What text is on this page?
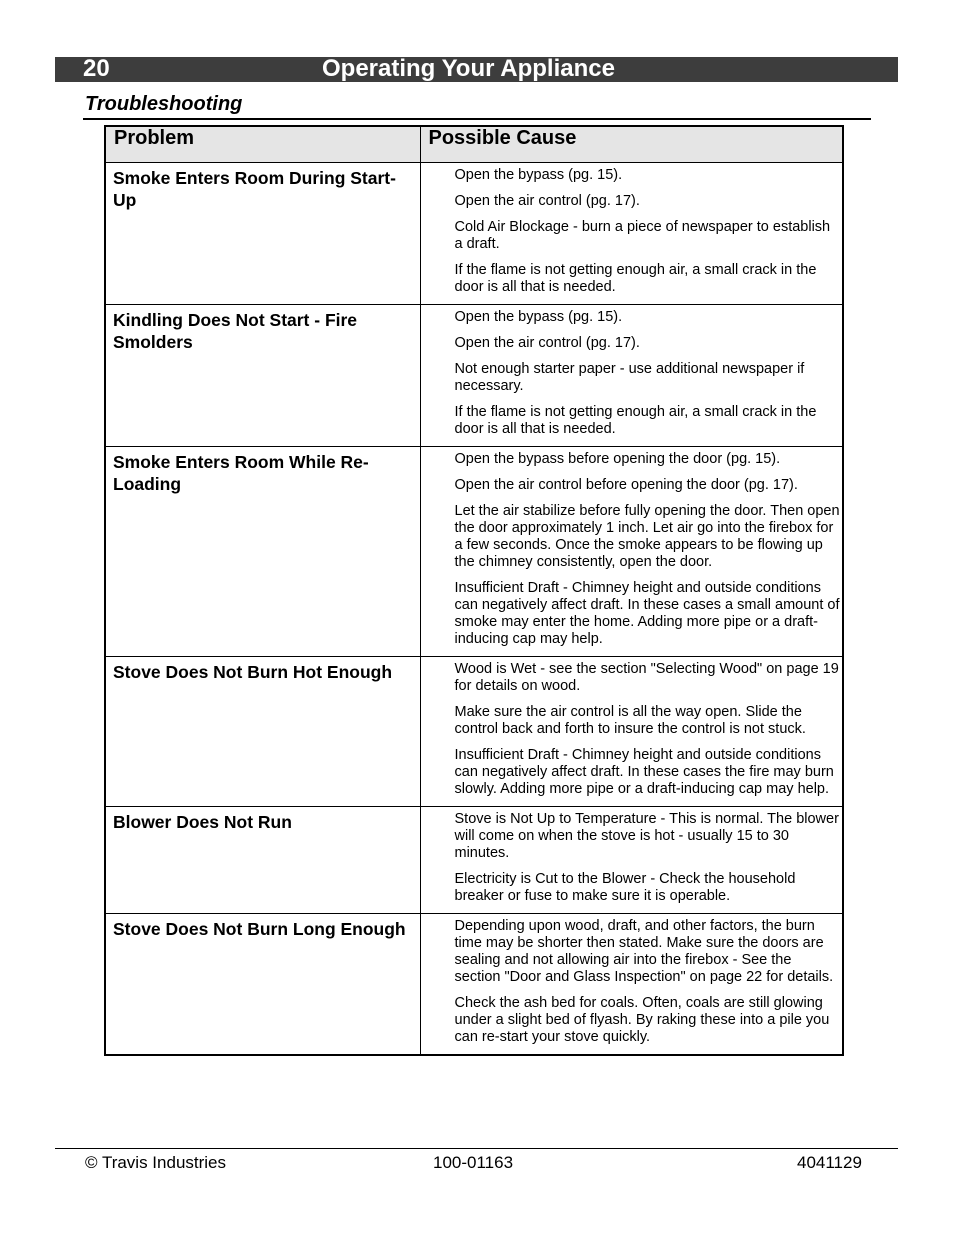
20	Operating Your Appliance
Troubleshooting
Problem	Possible Cause
Smoke Enters Room During Start-Up	Open the bypass (pg. 15).
Open the air control (pg. 17).
Cold Air Blockage - burn a piece of newspaper to establish a draft.
If the flame is not getting enough air, a small crack in the door is all that is needed.

Kindling Does Not Start - Fire Smolders	Open the bypass (pg. 15).
Open the air control (pg. 17).
Not enough starter paper - use additional newspaper if necessary.
If the flame is not getting enough air, a small crack in the door is all that is needed.

Smoke Enters Room While Re-Loading	Open the bypass before opening the door (pg. 15).
Open the air control before opening the door (pg. 17).
Let the air stabilize before fully opening the door. Then open the door approximately 1 inch. Let air go into the firebox for a few seconds. Once the smoke appears to be flowing up the chimney consistently, open the door.
Insufficient Draft - Chimney height and outside conditions can negatively affect draft. In these cases a small amount of smoke may enter the home. Adding more pipe or a draft-inducing cap may help.

Stove Does Not Burn Hot Enough	Wood is Wet - see the section "Selecting Wood" on page 19 for details on wood.
Make sure the air control is all the way open. Slide the control back and forth to insure the control is not stuck.
Insufficient Draft - Chimney height and outside conditions can negatively affect draft. In these cases the fire may burn slowly. Adding more pipe or a draft-inducing cap may help.

Blower Does Not Run	Stove is Not Up to Temperature - This is normal. The blower will come on when the stove is hot - usually 15 to 30 minutes.
Electricity is Cut to the Blower - Check the household breaker or fuse to make sure it is operable.

Stove Does Not Burn Long Enough	Depending upon wood, draft, and other factors, the burn time may be shorter then stated. Make sure the doors are sealing and not allowing air into the firebox - See the section "Door and Glass Inspection" on page 22 for details.
Check the ash bed for coals. Often, coals are still glowing under a slight bed of flyash. By raking these into a pile you can re-start your stove quickly.
© Travis Industries	100-01163	4041129
